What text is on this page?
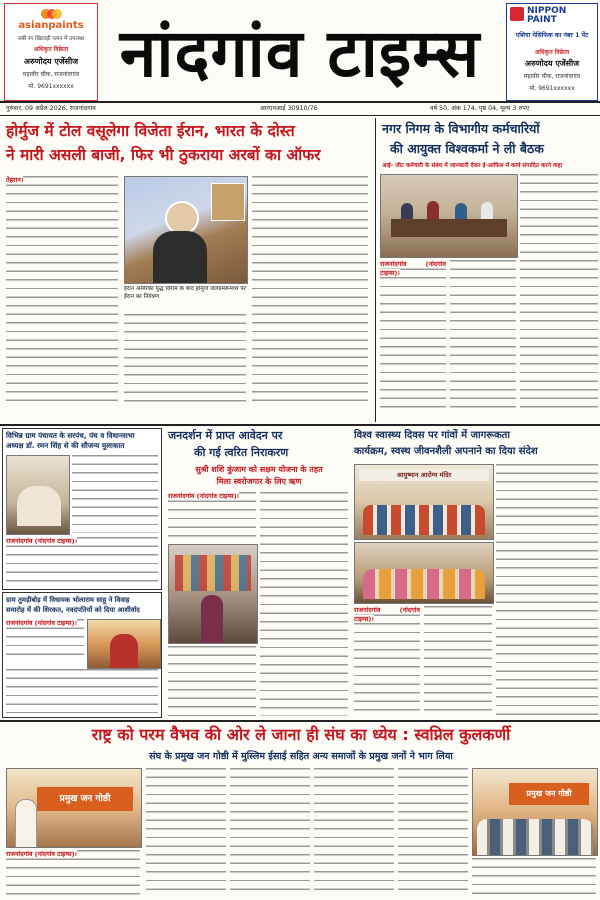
asianpaints
सबी रंग खिलाड़ी प्लान में उपलब्ध
अधिकृत विक्रेता
अरुणोदय एजेंसीज
महावीर चौक, राजनांदगांव
मो. 9691xxxxxx नांदगांव टाइम्स
NIPPON PAINT
एशिया पेसिफिक का नंबर 1 पेंट
अधिकृत विक्रेता
अरुणोदय एजेंसीज
महावीर चौक, राजनांदगांव
मो. 9691xxxxxx
गुरुवार, 09 अप्रैल 2026, राजनांदगांव	आरएनआई 30910/76	वर्ष 50, अंक 174, पृष्ठ 04, मूल्य 3 रुपए
होर्मुज में टोल वसूलेगा विजेता ईरान, भारत के दोस्त
ने मारी असली बाजी, फिर भी ठुकराया अरबों का ऑफर
तेहरान।
ईरान अमेरिका युद्ध विराम के बाद होर्मुज जलडमरूमध्य पर ईरान का नियंत्रण
नगर निगम के विभागीय कर्मचारियों
की आयुक्त विश्वकर्मा ने ली बैठक
आई- जीट कर्मचारी के संबंध में जानकारी देकर ई-आफिस में कार्य संपादित करने कहा
राजनांदगांव (नांदगांव टाइम्स)।
विभिन्न ग्राम पंचायत के सरपंच, पंच व विधानसभा
अध्यक्ष डॉ. रमन सिंह से की सौजन्य मुलाकात
राजनांदगांव (नांदगांव टाइम्स)।
ग्राम तुमड़ीबोड़ में विधायक भोलाराम साहू ने विवाह
समारोह में की शिरकत, नवदंपतियों को दिया आशीर्वाद
राजनांदगांव (नांदगांव टाइम्स)।
जनदर्शन में प्राप्त आवेदन पर
की गई त्वरित निराकरण
सुश्री शशि कुंजाम को सक्षम योजना के तहत
मिला स्वरोजगार के लिए ऋण
राजनांदगांव (नांदगांव टाइम्स)।
विश्व स्वास्थ्य दिवस पर गांवों में जागरूकता
कार्यक्रम, स्वस्थ जीवनशैली अपनाने का दिया संदेश
आयुष्मान आरोग्य मंदिर
राजनांदगांव (नांदगांव टाइम्स)।
राष्ट्र को परम वैभव की ओर ले जाना ही संघ का ध्येय : स्वप्निल कुलकर्णी
संघ के प्रमुख जन गोष्ठी में मुस्लिम ईसाई सहित अन्य समाजों के प्रमुख जनों ने भाग लिया
प्रमुख जन गोष्ठी
राजनांदगांव (नांदगांव टाइम्स)।
प्रमुख जन गोष्ठी
